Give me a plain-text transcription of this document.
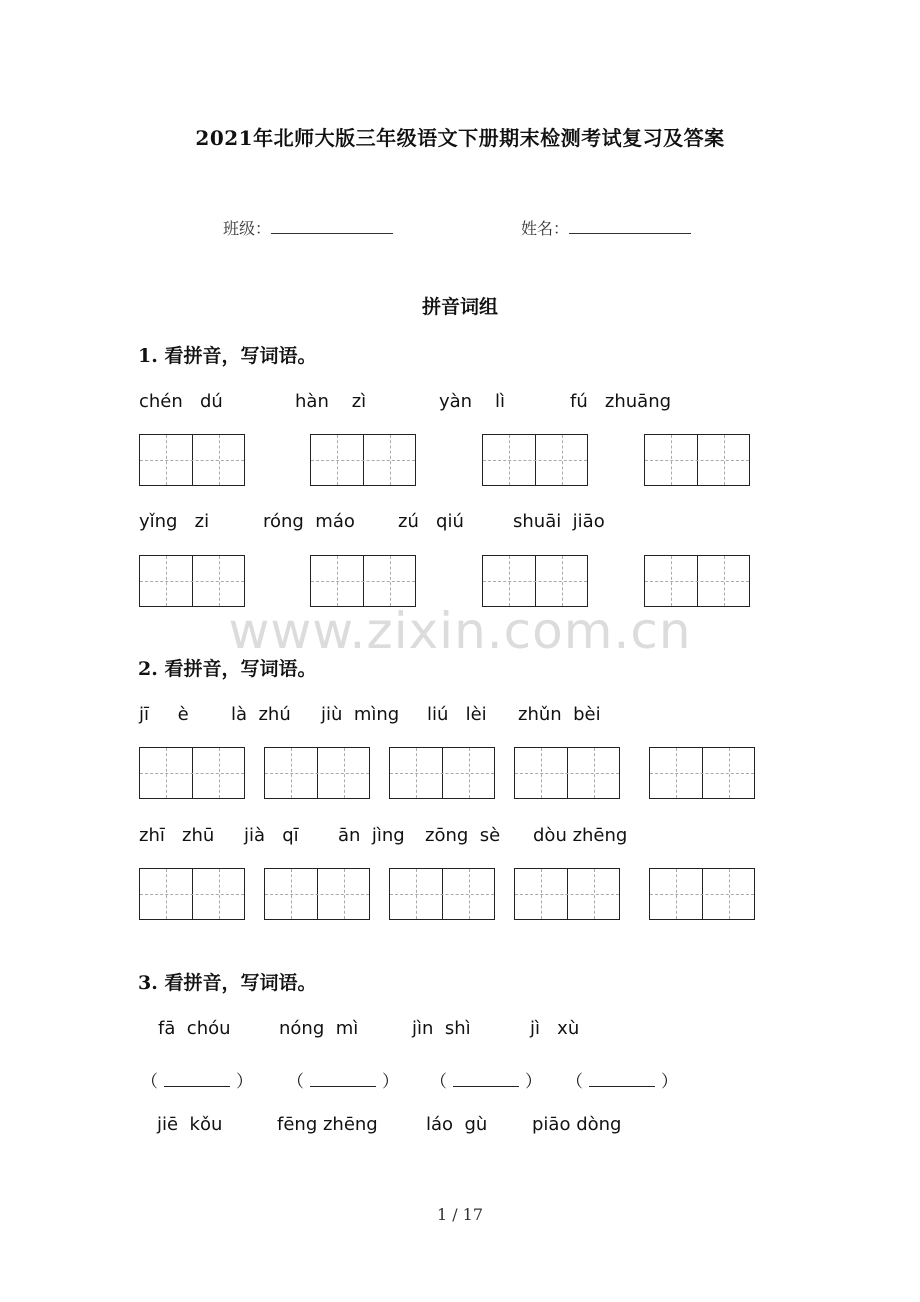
2021年北师大版三年级语文下册期末检测考试复习及答案
班级：	姓名：
拼音词组
1. 看拼音，写词语。
chén   dú	hàn    zì	yàn    lì	fú   zhuāng
yǐng   zi	róng  máo zú   qiú	shuāi  jiāo
www.zixin.com.cn
2. 看拼音，写词语。
jī     è là  zhú jiù  mìng liú   lèi zhǔn  bèi
zhī   zhū jià   qī ān  jìng zōng  sè dòu zhēng
3. 看拼音，写词语。
fā  chóu	nóng  mì	jìn  shì	jì   xù
（	） （	） （	） （	）
jiē  kǒu	fēng zhēng	láo  gù piāo dòng
1 / 17
